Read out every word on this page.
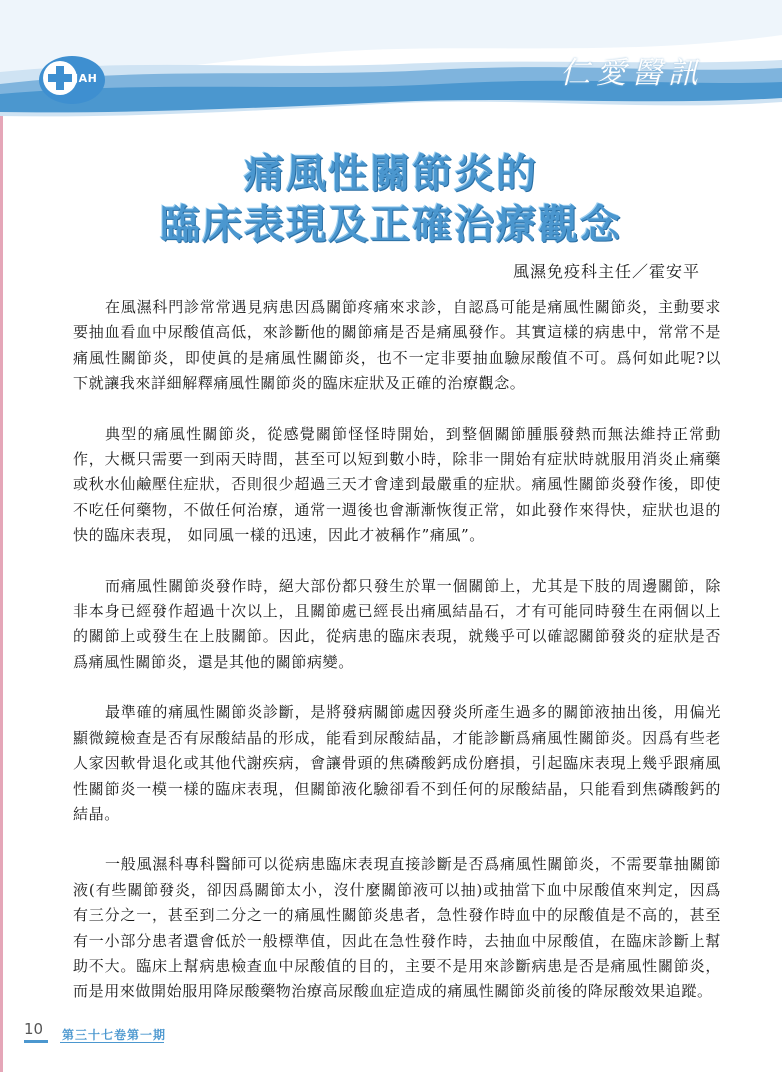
JAH	仁愛醫訊
痛風性關節炎的
臨床表現及正確治療觀念
風濕免疫科主任／霍安平

在風濕科門診常常遇見病患因爲關節疼痛來求診，自認爲可能是痛風性關節炎，主動要求要抽血看血中尿酸值高低，來診斷他的關節痛是否是痛風發作。其實這樣的病患中，常常不是痛風性關節炎，即使眞的是痛風性關節炎，也不一定非要抽血驗尿酸值不可。爲何如此呢?以下就讓我來詳細解釋痛風性關節炎的臨床症狀及正確的治療觀念。

典型的痛風性關節炎，從感覺關節怪怪時開始，到整個關節腫脹發熱而無法維持正常動作，大概只需要一到兩天時間，甚至可以短到數小時，除非一開始有症狀時就服用消炎止痛藥或秋水仙鹼壓住症狀，否則很少超過三天才會達到最嚴重的症狀。痛風性關節炎發作後，即使不吃任何藥物，不做任何治療，通常一週後也會漸漸恢復正常，如此發作來得快，症狀也退的快的臨床表現， 如同風一樣的迅速，因此才被稱作”痛風”。

而痛風性關節炎發作時，絕大部份都只發生於單一個關節上，尤其是下肢的周邊關節，除非本身已經發作超過十次以上，且關節處已經長出痛風結晶石，才有可能同時發生在兩個以上的關節上或發生在上肢關節。因此，從病患的臨床表現，就幾乎可以確認關節發炎的症狀是否爲痛風性關節炎，還是其他的關節病變。

最準確的痛風性關節炎診斷，是將發病關節處因發炎所產生過多的關節液抽出後，用偏光顯微鏡檢查是否有尿酸結晶的形成，能看到尿酸結晶，才能診斷爲痛風性關節炎。因爲有些老人家因軟骨退化或其他代謝疾病，會讓骨頭的焦磷酸鈣成份磨損，引起臨床表現上幾乎跟痛風性關節炎一模一樣的臨床表現，但關節液化驗卻看不到任何的尿酸結晶，只能看到焦磷酸鈣的結晶。

一般風濕科專科醫師可以從病患臨床表現直接診斷是否爲痛風性關節炎，不需要靠抽關節液(有些關節發炎，卻因爲關節太小，沒什麼關節液可以抽)或抽當下血中尿酸值來判定，因爲有三分之一，甚至到二分之一的痛風性關節炎患者，急性發作時血中的尿酸值是不高的，甚至有一小部分患者還會低於一般標準值，因此在急性發作時，去抽血中尿酸值，在臨床診斷上幫助不大。臨床上幫病患檢查血中尿酸值的目的，主要不是用來診斷病患是否是痛風性關節炎，而是用來做開始服用降尿酸藥物治療高尿酸血症造成的痛風性關節炎前後的降尿酸效果追蹤。

10 第三十七卷第一期
